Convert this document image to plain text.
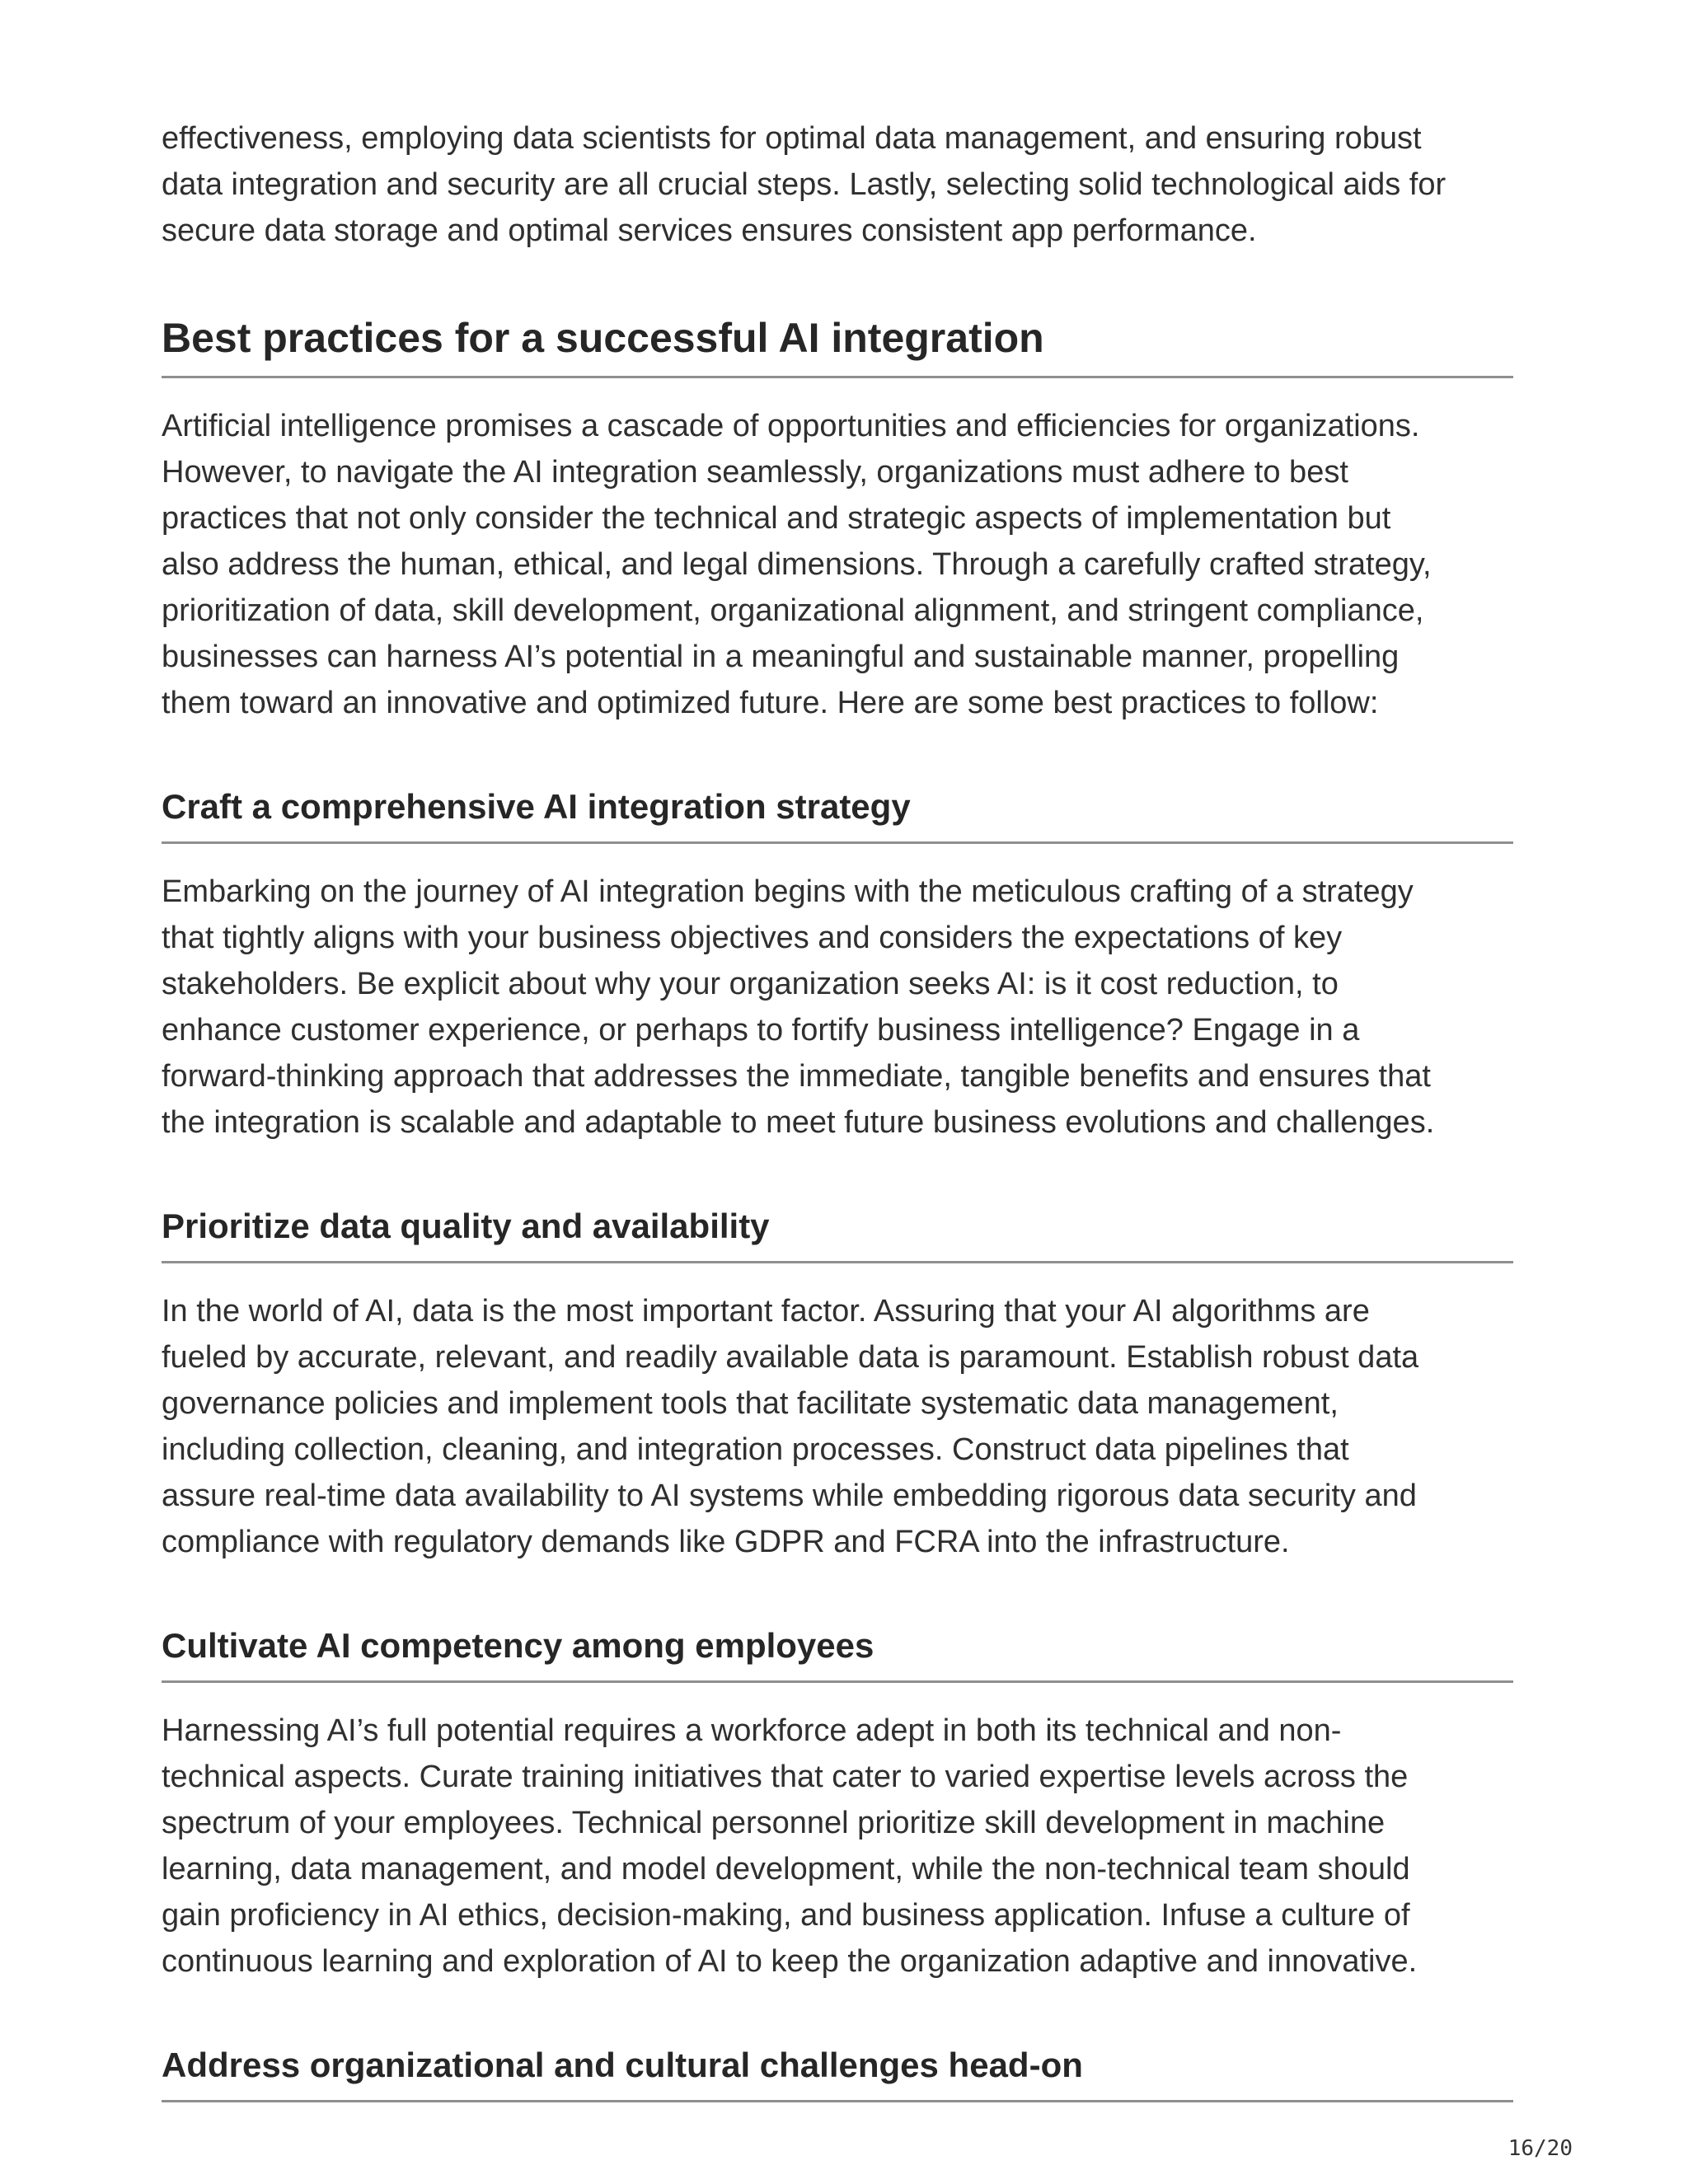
effectiveness, employing data scientists for optimal data management, and ensuring robust
data integration and security are all crucial steps. Lastly, selecting solid technological aids for
secure data storage and optimal services ensures consistent app performance.

Best practices for a successful AI integration

Artificial intelligence promises a cascade of opportunities and efficiencies for organizations.
However, to navigate the AI integration seamlessly, organizations must adhere to best
practices that not only consider the technical and strategic aspects of implementation but
also address the human, ethical, and legal dimensions. Through a carefully crafted strategy,
prioritization of data, skill development, organizational alignment, and stringent compliance,
businesses can harness AI’s potential in a meaningful and sustainable manner, propelling
them toward an innovative and optimized future. Here are some best practices to follow:

Craft a comprehensive AI integration strategy

Embarking on the journey of AI integration begins with the meticulous crafting of a strategy
that tightly aligns with your business objectives and considers the expectations of key
stakeholders. Be explicit about why your organization seeks AI: is it cost reduction, to
enhance customer experience, or perhaps to fortify business intelligence? Engage in a
forward-thinking approach that addresses the immediate, tangible benefits and ensures that
the integration is scalable and adaptable to meet future business evolutions and challenges.

Prioritize data quality and availability

In the world of AI, data is the most important factor. Assuring that your AI algorithms are
fueled by accurate, relevant, and readily available data is paramount. Establish robust data
governance policies and implement tools that facilitate systematic data management,
including collection, cleaning, and integration processes. Construct data pipelines that
assure real-time data availability to AI systems while embedding rigorous data security and
compliance with regulatory demands like GDPR and FCRA into the infrastructure.

Cultivate AI competency among employees

Harnessing AI’s full potential requires a workforce adept in both its technical and non-
technical aspects. Curate training initiatives that cater to varied expertise levels across the
spectrum of your employees. Technical personnel prioritize skill development in machine
learning, data management, and model development, while the non-technical team should
gain proficiency in AI ethics, decision-making, and business application. Infuse a culture of
continuous learning and exploration of AI to keep the organization adaptive and innovative.

Address organizational and cultural challenges head-on
16/20
